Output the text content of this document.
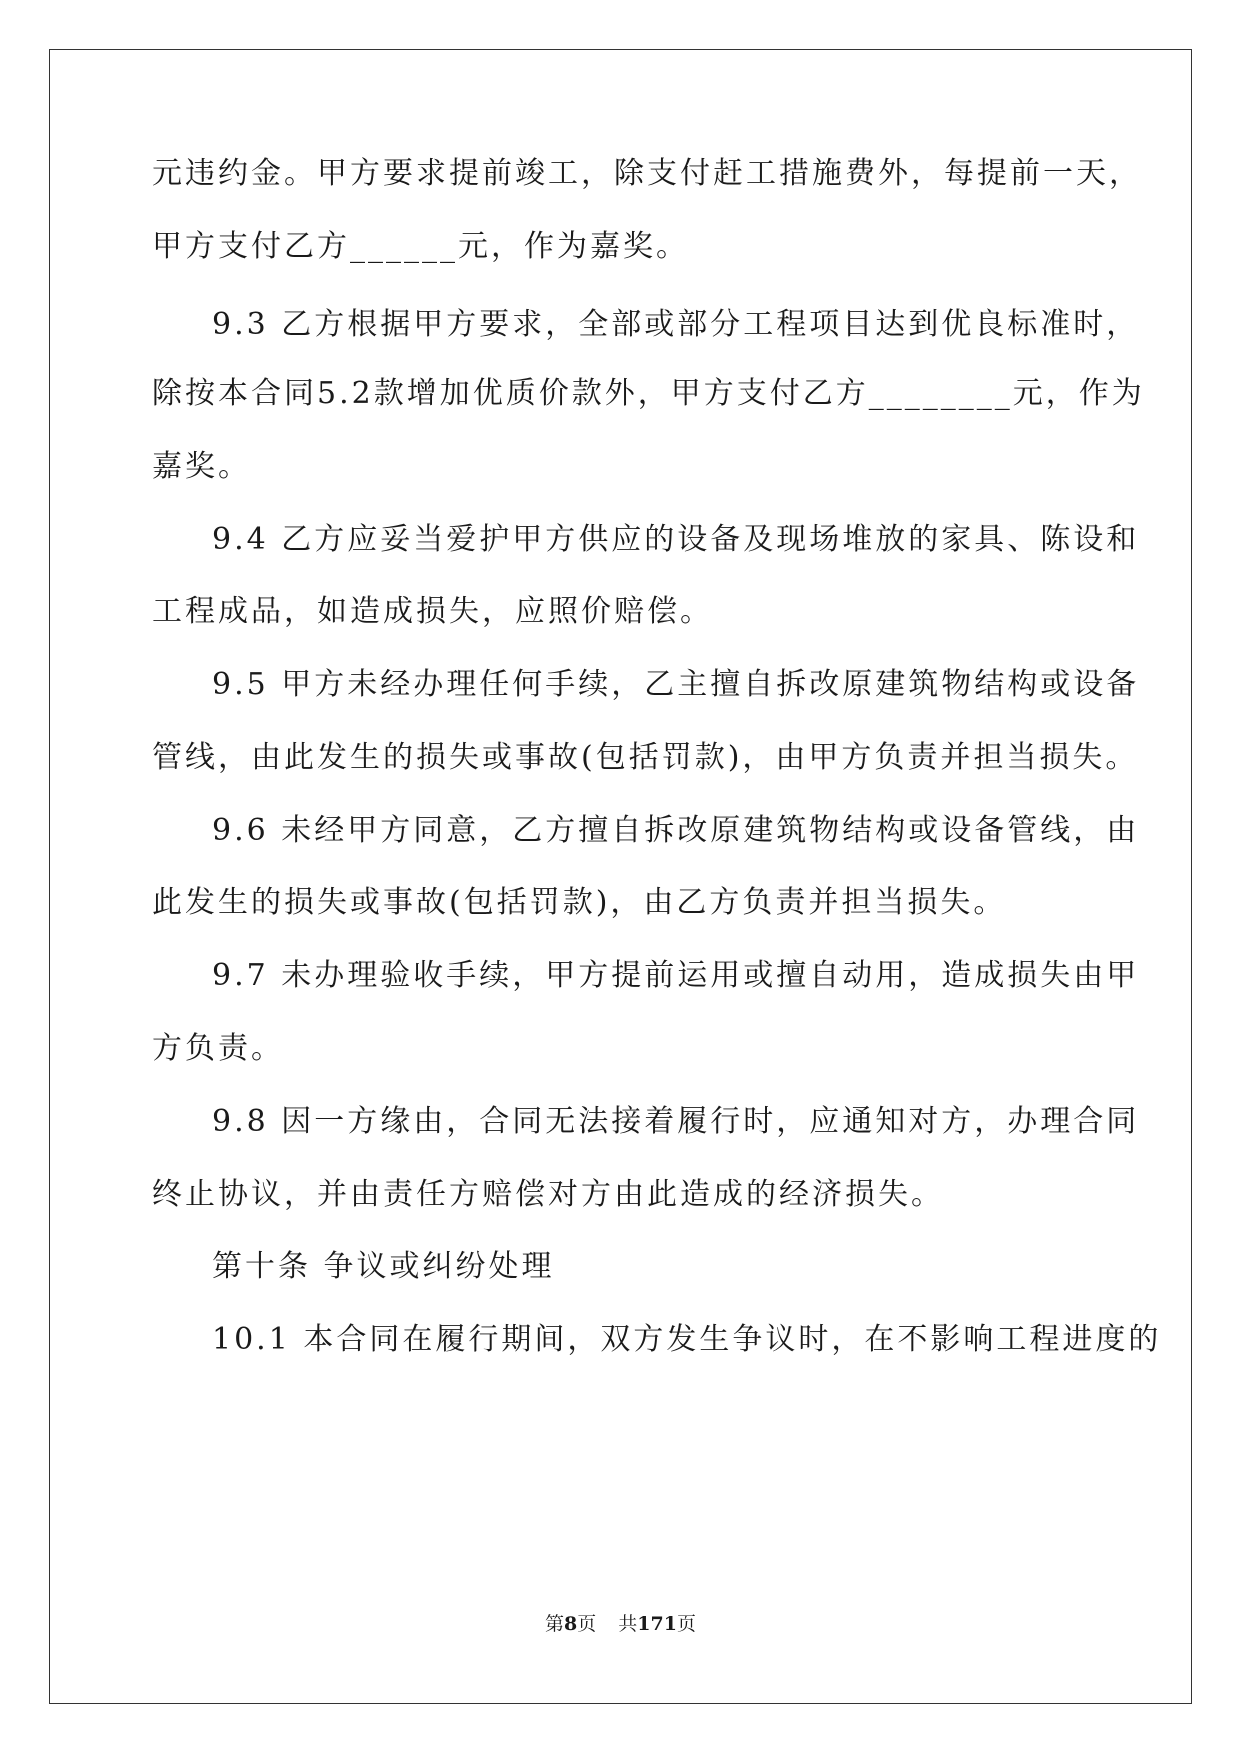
元违约金。甲方要求提前竣工，除支付赶工措施费外，每提前一天，
甲方支付乙方______元，作为嘉奖。
9.3 乙方根据甲方要求，全部或部分工程项目达到优良标准时，
除按本合同5.2款增加优质价款外，甲方支付乙方________元，作为
嘉奖。
9.4 乙方应妥当爱护甲方供应的设备及现场堆放的家具、陈设和
工程成品，如造成损失，应照价赔偿。
9.5 甲方未经办理任何手续，乙主擅自拆改原建筑物结构或设备
管线，由此发生的损失或事故(包括罚款)，由甲方负责并担当损失。
9.6 未经甲方同意，乙方擅自拆改原建筑物结构或设备管线，由
此发生的损失或事故(包括罚款)，由乙方负责并担当损失。
9.7 未办理验收手续，甲方提前运用或擅自动用，造成损失由甲
方负责。
9.8 因一方缘由，合同无法接着履行时，应通知对方，办理合同
终止协议，并由责任方赔偿对方由此造成的经济损失。
第十条 争议或纠纷处理
10.1 本合同在履行期间，双方发生争议时，在不影响工程进度的
第8页 共171页
